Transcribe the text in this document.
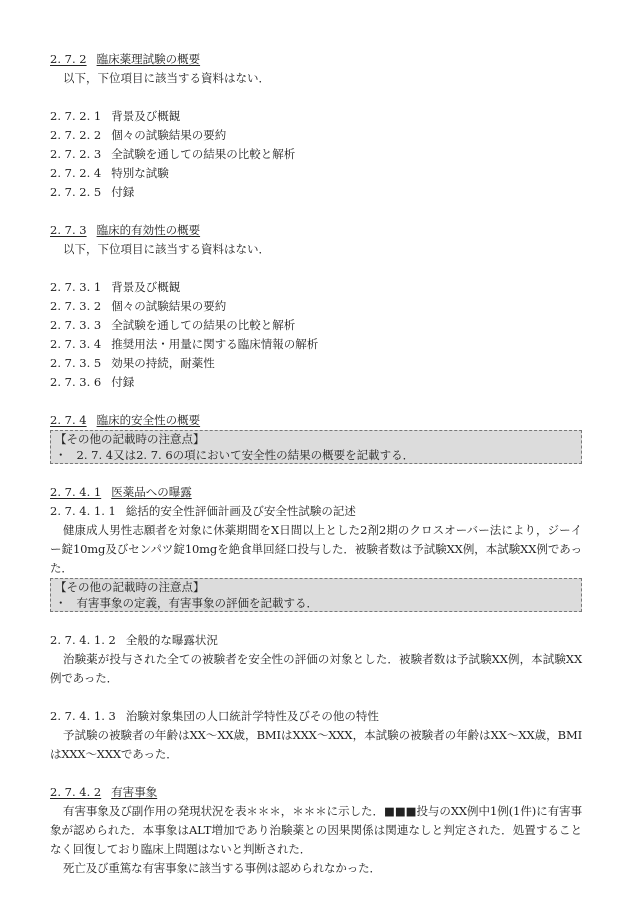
2. 7. 2 臨床薬理試験の概要
以下，下位項目に該当する資料はない．
2. 7. 2. 1 背景及び概観
2. 7. 2. 2 個々の試験結果の要約
2. 7. 2. 3 全試験を通しての結果の比較と解析
2. 7. 2. 4 特別な試験
2. 7. 2. 5 付録
2. 7. 3 臨床的有効性の概要
以下，下位項目に該当する資料はない．
2. 7. 3. 1 背景及び概観
2. 7. 3. 2 個々の試験結果の要約
2. 7. 3. 3 全試験を通しての結果の比較と解析
2. 7. 3. 4 推奨用法・用量に関する臨床情報の解析
2. 7. 3. 5 効果の持続，耐薬性
2. 7. 3. 6 付録
2. 7. 4 臨床的安全性の概要
【その他の記載時の注意点】
・ 2. 7. 4又は2. 7. 6の項において安全性の結果の概要を記載する．
2. 7. 4. 1 医薬品への曝露
2. 7. 4. 1. 1 総括的安全性評価計画及び安全性試験の記述
健康成人男性志願者を対象に休薬期間をX日間以上とした2剤2期のクロスオーバー法により，ジーイー錠10mg及びセンパツ錠10mgを絶食単回経口投与した．被験者数は予試験XX例，本試験XX例であった．
【その他の記載時の注意点】
・ 有害事象の定義，有害事象の評価を記載する．
2. 7. 4. 1. 2 全般的な曝露状況
治験薬が投与された全ての被験者を安全性の評価の対象とした．被験者数は予試験XX例，本試験XX例であった．
2. 7. 4. 1. 3 治験対象集団の人口統計学特性及びその他の特性
予試験の被験者の年齢はXX～XX歳，BMIはXXX～XXX，本試験の被験者の年齢はXX～XX歳，BMIはXXX～XXXであった．
2. 7. 4. 2 有害事象
有害事象及び副作用の発現状況を表＊＊＊，＊＊＊に示した．■■■投与のXX例中1例(1件)に有害事象が認められた．本事象はALT増加であり治験薬との因果関係は関連なしと判定された．処置することなく回復しており臨床上問題はないと判断された．
死亡及び重篤な有害事象に該当する事例は認められなかった．
